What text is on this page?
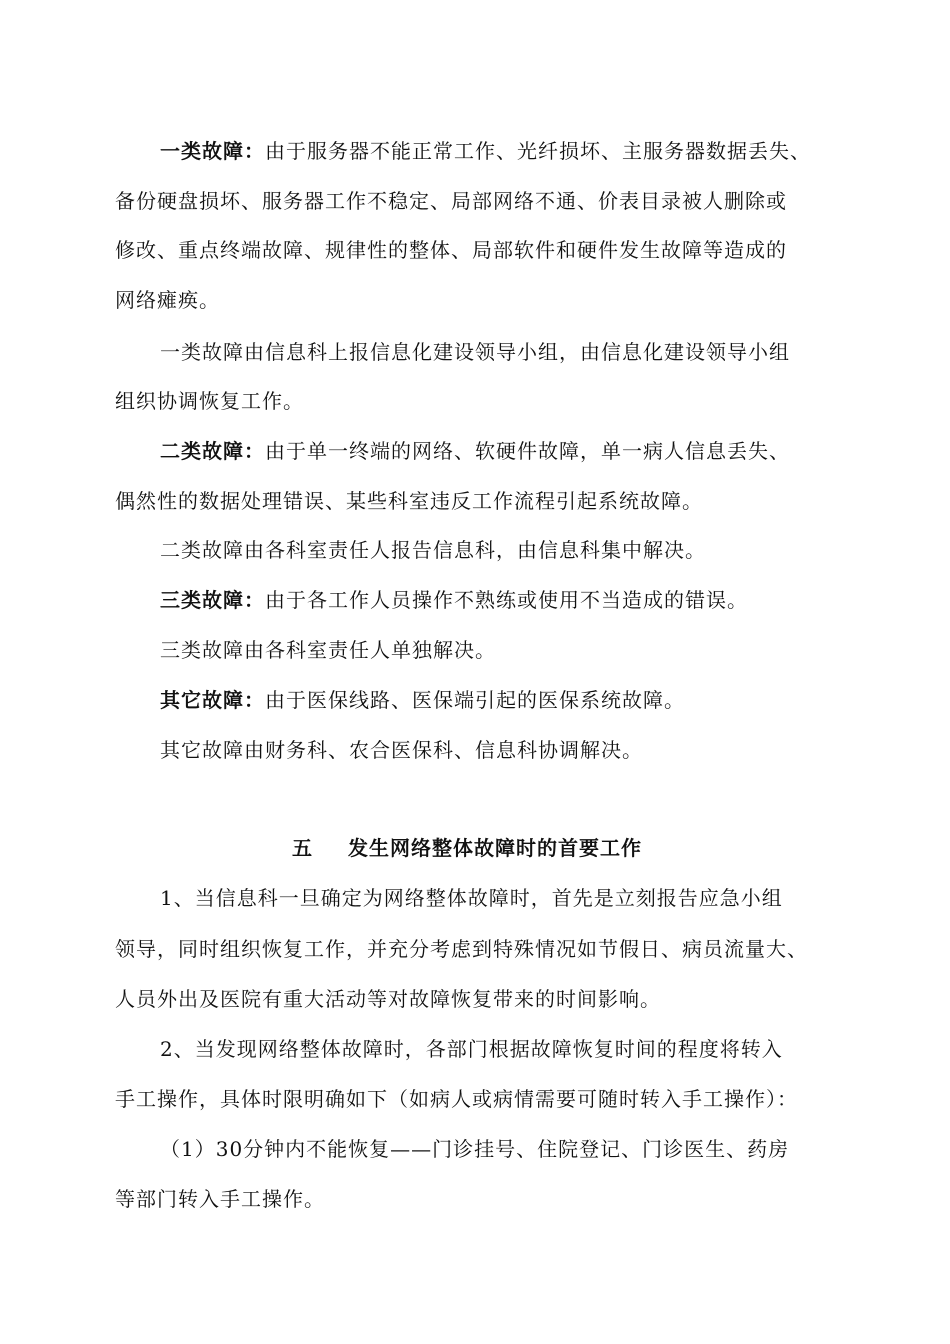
一类故障：由于服务器不能正常工作、光纤损坏、主服务器数据丢失、
备份硬盘损坏、服务器工作不稳定、局部网络不通、价表目录被人删除或
修改、重点终端故障、规律性的整体、局部软件和硬件发生故障等造成的
网络瘫痪。
一类故障由信息科上报信息化建设领导小组，由信息化建设领导小组
组织协调恢复工作。
二类故障：由于单一终端的网络、软硬件故障，单一病人信息丢失、
偶然性的数据处理错误、某些科室违反工作流程引起系统故障。
二类故障由各科室责任人报告信息科，由信息科集中解决。
三类故障：由于各工作人员操作不熟练或使用不当造成的错误。
三类故障由各科室责任人单独解决。
其它故障：由于医保线路、医保端引起的医保系统故障。
其它故障由财务科、农合医保科、信息科协调解决。
五 发生网络整体故障时的首要工作
1、当信息科一旦确定为网络整体故障时，首先是立刻报告应急小组
领导，同时组织恢复工作，并充分考虑到特殊情况如节假日、病员流量大、
人员外出及医院有重大活动等对故障恢复带来的时间影响。
2、当发现网络整体故障时，各部门根据故障恢复时间的程度将转入
手工操作，具体时限明确如下（如病人或病情需要可随时转入手工操作）：
（1）30分钟内不能恢复——门诊挂号、住院登记、门诊医生、药房
等部门转入手工操作。
